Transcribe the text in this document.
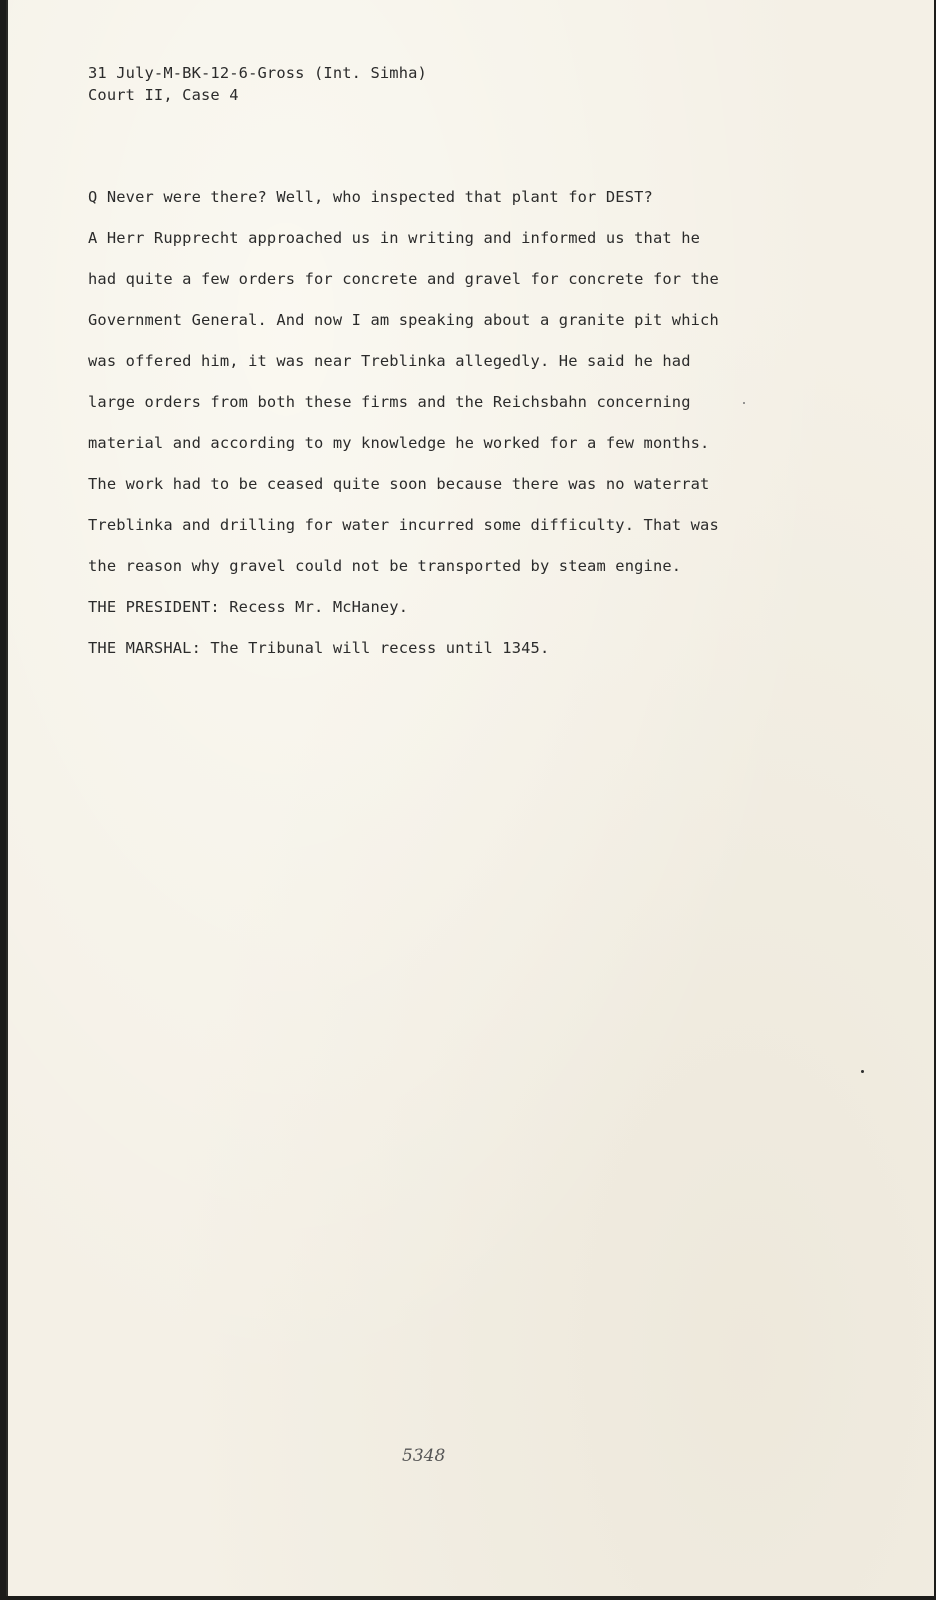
31 July-M-BK-12-6-Gross (Int. Simha)

Court II, Case 4

Q Never were there? Well, who inspected that plant for DEST?

A Herr Rupprecht approached us in writing and informed us that he

had quite a few orders for concrete and gravel for concrete for the

Government General. And now I am speaking about a granite pit which

was offered him, it was near Treblinka allegedly. He said he had

large orders from both these firms and the Reichsbahn concerning

material and according to my knowledge he worked for a few months.

The work had to be ceased quite soon because there was no waterrat

Treblinka and drilling for water incurred some difficulty. That was

the reason why gravel could not be transported by steam engine.

THE PRESIDENT: Recess Mr. McHaney.

THE MARSHAL: The Tribunal will recess until 1345.

5348
